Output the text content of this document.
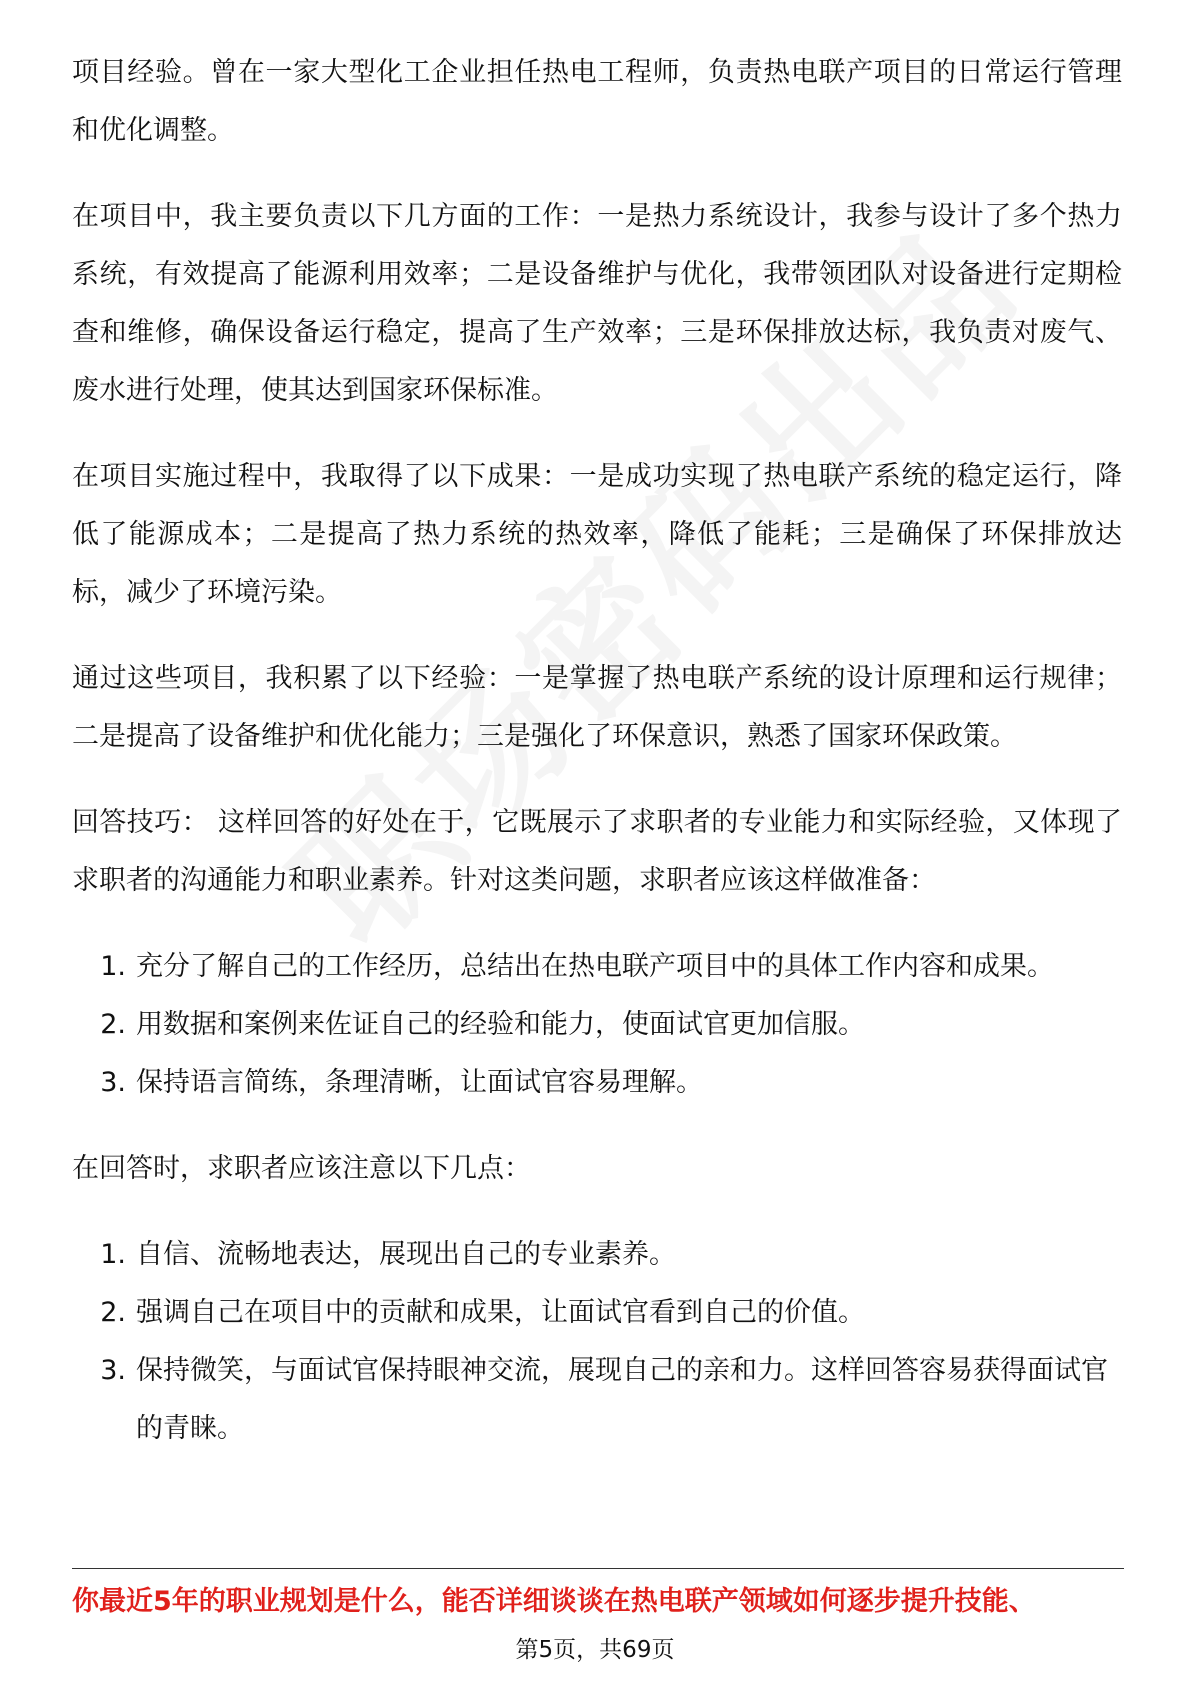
项目经验。曾在一家大型化工企业担任热电工程师，负责热电联产项目的日常运行管理和优化调整。

在项目中，我主要负责以下几方面的工作：一是热力系统设计，我参与设计了多个热力系统，有效提高了能源利用效率；二是设备维护与优化，我带领团队对设备进行定期检查和维修，确保设备运行稳定，提高了生产效率；三是环保排放达标，我负责对废气、废水进行处理，使其达到国家环保标准。

在项目实施过程中，我取得了以下成果：一是成功实现了热电联产系统的稳定运行，降低了能源成本；二是提高了热力系统的热效率，降低了能耗；三是确保了环保排放达标，减少了环境污染。

通过这些项目，我积累了以下经验：一是掌握了热电联产系统的设计原理和运行规律；二是提高了设备维护和优化能力；三是强化了环保意识，熟悉了国家环保政策。

回答技巧： 这样回答的好处在于，它既展示了求职者的专业能力和实际经验，又体现了求职者的沟通能力和职业素养。针对这类问题，求职者应该这样做准备：

1. 充分了解自己的工作经历，总结出在热电联产项目中的具体工作内容和成果。
2. 用数据和案例来佐证自己的经验和能力，使面试官更加信服。
3. 保持语言简练，条理清晰，让面试官容易理解。

在回答时，求职者应该注意以下几点：

1. 自信、流畅地表达，展现出自己的专业素养。
2. 强调自己在项目中的贡献和成果，让面试官看到自己的价值。
3. 保持微笑，与面试官保持眼神交流，展现自己的亲和力。这样回答容易获得面试官的青睐。
你最近5年的职业规划是什么，能否详细谈谈在热电联产领域如何逐步提升技能、
第5页，共69页
